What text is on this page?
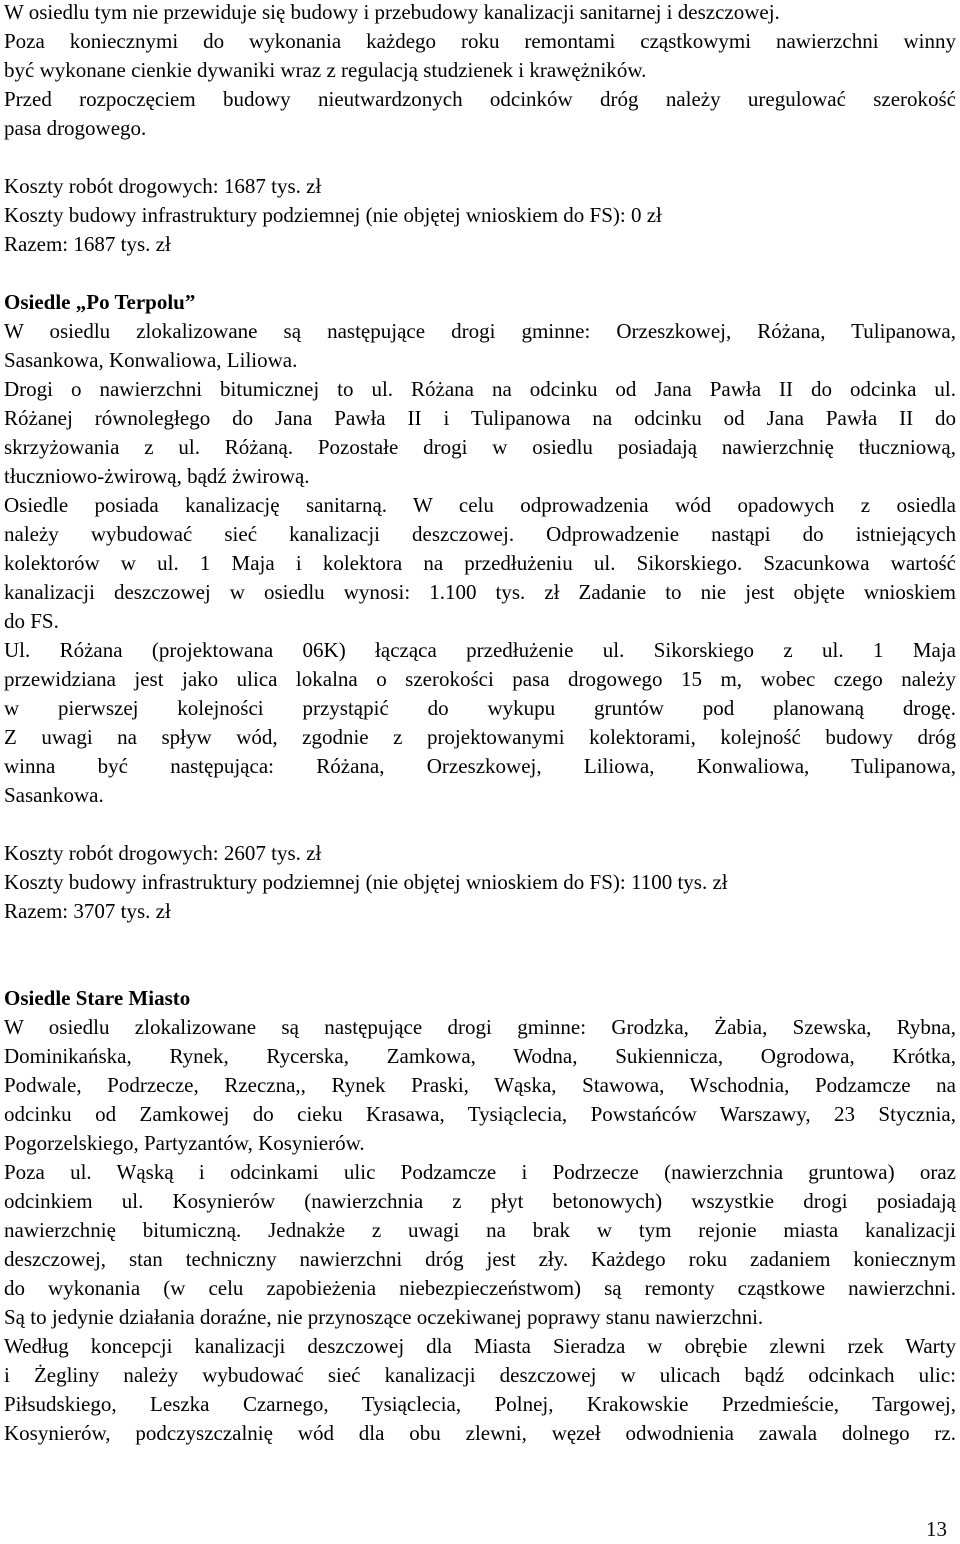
W osiedlu tym nie przewiduje się budowy i przebudowy kanalizacji sanitarnej i deszczowej.
Poza koniecznymi do wykonania każdego roku remontami cząstkowymi nawierzchni winny
być wykonane cienkie dywaniki wraz z regulacją studzienek i krawężników.
Przed rozpoczęciem budowy nieutwardzonych odcinków dróg należy uregulować szerokość
pasa drogowego.
Koszty robót drogowych: 1687 tys. zł
Koszty budowy infrastruktury podziemnej (nie objętej wnioskiem do FS): 0 zł
Razem: 1687 tys. zł
Osiedle „Po Terpolu”
W osiedlu zlokalizowane są następujące drogi gminne: Orzeszkowej, Różana, Tulipanowa,
Sasankowa, Konwaliowa, Liliowa.
Drogi o nawierzchni bitumicznej to ul. Różana na odcinku od Jana Pawła II do odcinka ul.
Różanej równoległego do Jana Pawła II i Tulipanowa na odcinku od Jana Pawła II do
skrzyżowania z ul. Różaną. Pozostałe drogi w osiedlu posiadają nawierzchnię tłuczniową,
tłuczniowo-żwirową, bądź żwirową.
Osiedle posiada kanalizację sanitarną. W celu odprowadzenia wód opadowych z osiedla
należy wybudować sieć kanalizacji deszczowej. Odprowadzenie nastąpi do istniejących
kolektorów w ul. 1 Maja i kolektora na przedłużeniu ul. Sikorskiego. Szacunkowa wartość
kanalizacji deszczowej w osiedlu wynosi: 1.100 tys. zł Zadanie to nie jest objęte wnioskiem
do FS.
Ul. Różana (projektowana 06K) łącząca przedłużenie ul. Sikorskiego z ul. 1 Maja
przewidziana jest jako ulica lokalna o szerokości pasa drogowego 15 m, wobec czego należy
w pierwszej kolejności przystąpić do wykupu gruntów pod planowaną drogę.
Z uwagi na spływ wód, zgodnie z projektowanymi kolektorami, kolejność budowy dróg
winna być następująca: Różana, Orzeszkowej, Liliowa, Konwaliowa, Tulipanowa,
Sasankowa.
Koszty robót drogowych: 2607 tys. zł
Koszty budowy infrastruktury podziemnej (nie objętej wnioskiem do FS): 1100 tys. zł
Razem: 3707 tys. zł
Osiedle Stare Miasto
W osiedlu zlokalizowane są następujące drogi gminne: Grodzka, Żabia, Szewska, Rybna,
Dominikańska, Rynek, Rycerska, Zamkowa, Wodna, Sukiennicza, Ogrodowa, Krótka,
Podwale, Podrzecze, Rzeczna,, Rynek Praski, Wąska, Stawowa, Wschodnia, Podzamcze na
odcinku od Zamkowej do cieku Krasawa, Tysiąclecia, Powstańców Warszawy, 23 Stycznia,
Pogorzelskiego, Partyzantów, Kosynierów.
Poza ul. Wąską i odcinkami ulic Podzamcze i Podrzecze (nawierzchnia gruntowa) oraz
odcinkiem ul. Kosynierów (nawierzchnia z płyt betonowych) wszystkie drogi posiadają
nawierzchnię bitumiczną. Jednakże z uwagi na brak w tym rejonie miasta kanalizacji
deszczowej, stan techniczny nawierzchni dróg jest zły. Każdego roku zadaniem koniecznym
do wykonania (w celu zapobieżenia niebezpieczeństwom) są remonty cząstkowe nawierzchni.
Są to jedynie działania doraźne, nie przynoszące oczekiwanej poprawy stanu nawierzchni.
Według koncepcji kanalizacji deszczowej dla Miasta Sieradza w obrębie zlewni rzek Warty
i Żegliny należy wybudować sieć kanalizacji deszczowej w ulicach bądź odcinkach ulic:
Piłsudskiego, Leszka Czarnego, Tysiąclecia, Polnej, Krakowskie Przedmieście, Targowej,
Kosynierów, podczyszczalnię wód dla obu zlewni, węzeł odwodnienia zawala dolnego rz.
13
